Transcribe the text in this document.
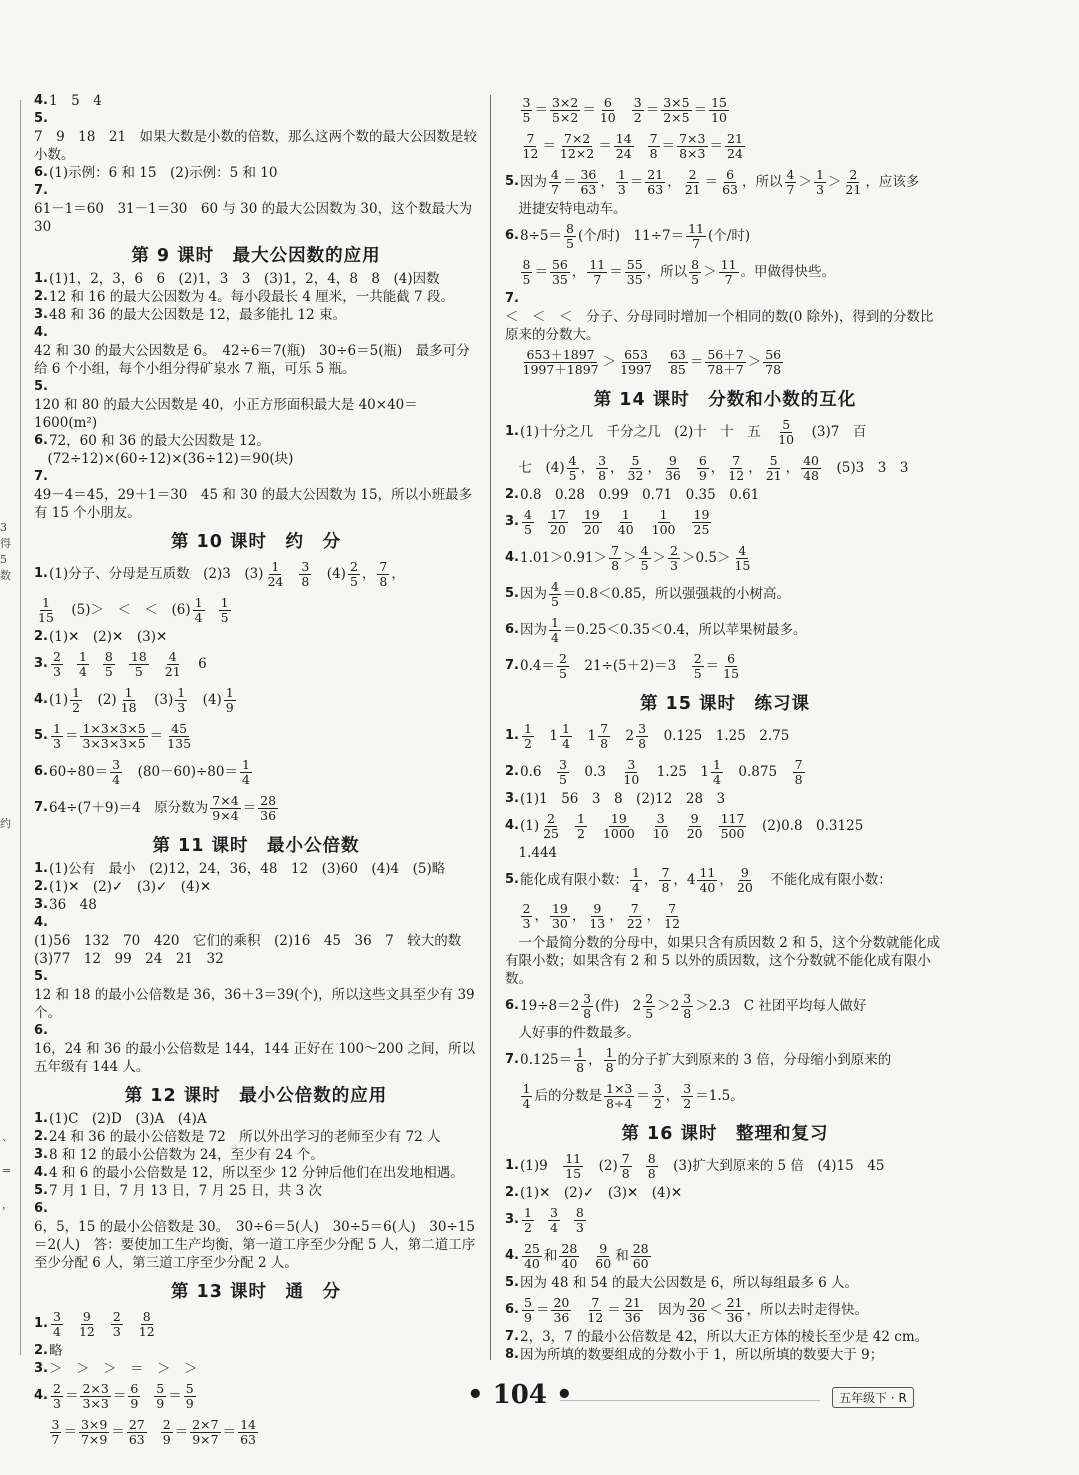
3
得
5
数
约
、
=
，
4. 1　5　4
5.
7　9　18　21　如果大数是小数的倍数，那么这两个数的最大公因数是较小数。
6. (1)示例：6 和 15　(2)示例：5 和 10
7.
61－1＝60　31－1＝30　60 与 30 的最大公因数为 30，这个数最大为 30
第 9 课时　最大公因数的应用
1. (1)1，2，3，6　6　(2)1，3　3　(3)1，2，4，8　8　(4)因数
2. 12 和 16 的最大公因数为 4。每小段最长 4 厘米，一共能截 7 段。
3. 48 和 36 的最大公因数是 12，最多能扎 12 束。
4.
42 和 30 的最大公因数是 6。　42÷6＝7(瓶)　30÷6＝5(瓶)　最多可分给 6 个小组，每个小组分得矿泉水 7 瓶，可乐 5 瓶。
5.
120 和 80 的最大公因数是 40，小正方形面积最大是 40×40＝1600(m²)
6. 72，60 和 36 的最大公因数是 12。
　(72÷12)×(60÷12)×(36÷12)＝90(块)
7.
49－4＝45，29＋1＝30　45 和 30 的最大公因数为 15，所以小班最多有 15 个小朋友。
第 10 课时　约　分
1. (1)分子、分母是互质数　(2)3　$(3) \frac{1}{24} \frac{3}{8}$ 　$(4) \frac{2}{5}$ ， $\frac{7}{8}$ ，
$\frac{1}{15}$ 　(5)＞　＜　＜　$(6) \frac{1}{4} \frac{1}{5}$
2. (1)✕　(2)✕　(3)✕
3. $\frac{2}{3} \frac{1}{4} \frac{8}{5} \frac{18}{5} \frac{4}{21}$ 　6
4. $(1) \frac{1}{2}$ 　$(2) \frac{1}{18}$ 　$(3) \frac{1}{3}$ 　$(4) \frac{1}{9}$
5. $\frac{1}{3} = \frac{1\times 3\times 3\times 5}{3\times 3\times 3\times 5} = \frac{45}{135}$
6. $60\div 80= \frac{3}{4}$ 　$(80-60)\div 80= \frac{1}{4}$
7. 64÷(7＋9)＝4　原分数为 $\frac{7\times 4}{9\times 4} = \frac{28}{36}$
第 11 课时　最小公倍数
1. (1)公有　最小　(2)12，24，36，48　12　(3)60　(4)4　(5)略
2. (1)✕　(2)✓　(3)✓　(4)✕
3. 36　48
4.
(1)56　132　70　420　它们的乘积　(2)16　45　36　7　较大的数　(3)77　12　99　24　21　32
5.
12 和 18 的最小公倍数是 36，36＋3＝39(个)，所以这些文具至少有 39 个。
6.
16，24 和 36 的最小公倍数是 144，144 正好在 100～200 之间，所以五年级有 144 人。
第 12 课时　最小公倍数的应用
1. (1)C　(2)D　(3)A　(4)A
2. 24 和 36 的最小公倍数是 72　所以外出学习的老师至少有 72 人
3. 8 和 12 的最小公倍数为 24，至少有 24 个。
4. 4 和 6 的最小公倍数是 12，所以至少 12 分钟后他们在出发地相遇。
5. 7 月 1 日，7 月 13 日，7 月 25 日，共 3 次
6.
6，5，15 的最小公倍数是 30。　30÷6＝5(人)　30÷5＝6(人)　30÷15＝2(人)　答：要使加工生产均衡，第一道工序至少分配 5 人，第二道工序至少分配 6 人，第三道工序至少分配 2 人。
第 13 课时　通　分
1. $\frac{3}{4} \frac{9}{12} \frac{2}{3} \frac{8}{12}$
2. 略
3. ＞　＞　＞　＝　＞　＞
4. $\frac{2}{3} = \frac{2\times 3}{3\times 3} = \frac{6}{9} \frac{5}{9} = \frac{5}{9}$

$\frac{3}{7} = \frac{3\times 9}{7\times 9} = \frac{27}{63} \frac{2}{9} = \frac{2\times 7}{9\times 7} = \frac{14}{63}$

$\frac{3}{5} = \frac{3\times 2}{5\times 2} = \frac{6}{10} \frac{3}{2} = \frac{3\times 5}{2\times 5} = \frac{15}{10}$

$\frac{7}{12} = \frac{7\times 2}{12\times 2} = \frac{14}{24} \frac{7}{8} = \frac{7\times 3}{8\times 3} = \frac{21}{24}$
5. 因为 $\frac{4}{7} = \frac{36}{63}$ ， $\frac{1}{3} = \frac{21}{63}$ ， $\frac{2}{21} = \frac{6}{63}$ ，所以 $\frac{4}{7} > \frac{1}{3} > \frac{2}{21}$ ，应该多
　进捷安特电动车。
6. $8\div 5= \frac{8}{5}$ (个/时)　$11\div 7= \frac{11}{7}$ (个/时)

$\frac{8}{5} = \frac{56}{35}$ ， $\frac{11}{7} = \frac{55}{35}$ ，所以 $\frac{8}{5} > \frac{11}{7}$ 。甲做得快些。
7.
＜　＜　＜　分子、分母同时增加一个相同的数(0 除外)，得到的分数比原来的分数大。

$\frac{653+1897}{1997+1897} > \frac{653}{1997} \frac{63}{85} = \frac{56+7}{78+7} > \frac{56}{78}$
第 14 课时　分数和小数的互化
1. (1)十分之几　千分之几　(2)十　十　五　 $\frac{5}{10}$ 　(3)7　百
　七　$(4) \frac{4}{5}$ ， $\frac{3}{8}$ ， $\frac{5}{32}$ ， $\frac{9}{36} \frac{6}{9}$ ， $\frac{7}{12}$ ， $\frac{5}{21}$ ， $\frac{40}{48}$ 　(5)3　3　3
2. 0.8　0.28　0.99　0.71　0.35　0.61
3. $\frac{4}{5} \frac{17}{20} \frac{19}{20} \frac{1}{40} \frac{1}{100} \frac{19}{25}$
4. $1.01>0.91> \frac{7}{8} > \frac{4}{5} > \frac{2}{3} >0.5> \frac{4}{15}$
5. 因为 $\frac{4}{5} =0.8<0.85$，所以强强栽的小树高。
6. 因为 $\frac{1}{4} =0.25<0.35<0.4$，所以苹果树最多。
7. $0.4= \frac{2}{5}$ 　21÷(5＋2)＝3　 $\frac{2}{5} = \frac{6}{15}$
第 15 课时　练习课
1. $\frac{1}{2}$ 　$1 \frac{1}{4}$ 　$1 \frac{7}{8}$ 　$2 \frac{3}{8}$ 　0.125　1.25　2.75
2. 0.6　 $\frac{3}{5}$ 　0.3　 $\frac{3}{10}$ 　1.25　$1 \frac{1}{4}$ 　0.875　 $\frac{7}{8}$
3. (1)1　56　3　8　(2)12　28　3
4. $(1) \frac{2}{25} \frac{1}{2} \frac{19}{1000} \frac{3}{10} \frac{9}{20} \frac{117}{500}$ 　(2)0.8　0.3125
　1.444
5. 能化成有限小数： $\frac{1}{4}$ ， $\frac{7}{8}$ ，$4 \frac{11}{40}$ ， $\frac{9}{20}$ 　不能化成有限小数：

$\frac{2}{3}$ ， $\frac{19}{30}$ ， $\frac{9}{13}$ ， $\frac{7}{22}$ ， $\frac{7}{12}$
　一个最简分数的分母中，如果只含有质因数 2 和 5，这个分数就能化成有限小数；如果含有 2 和 5 以外的质因数，这个分数就不能化成有限小数。
6. $19\div 8=2 \frac{3}{8}$ (件)　$2 \frac{2}{5} >2 \frac{3}{8} >2.3$　C 社团平均每人做好
　人好事的件数最多。
7. $0.125= \frac{1}{8}$ ， $\frac{1}{8}$ 的分子扩大到原来的 3 倍，分母缩小到原来的

$\frac{1}{4}$ 后的分数是 $\frac{1\times 3}{8\div 4} = \frac{3}{2}$ ， $\frac{3}{2} =1.5$。
第 16 课时　整理和复习
1. (1)9　 $\frac{11}{15}$ 　$(2) \frac{7}{8} \frac{8}{8}$ 　(3)扩大到原来的 5 倍　(4)15　45
2. (1)✕　(2)✓　(3)✕　(4)✕
3. $\frac{1}{2} \frac{3}{4} \frac{8}{3}$
4. $\frac{25}{40}$ 和 $\frac{28}{40} \frac{9}{60}$ 和 $\frac{28}{60}$
5. 因为 48 和 54 的最大公因数是 6，所以每组最多 6 人。
6. $\frac{5}{9} = \frac{20}{36} \frac{7}{12} = \frac{21}{36}$ 　因为 $\frac{20}{36} < \frac{21}{36}$ ，所以去时走得快。
7. 2，3，7 的最小公倍数是 42，所以大正方体的棱长至少是 42 cm。
8. 因为所填的数要组成的分数小于 1，所以所填的数要大于 9；
• 104 •	五年级下 · R
